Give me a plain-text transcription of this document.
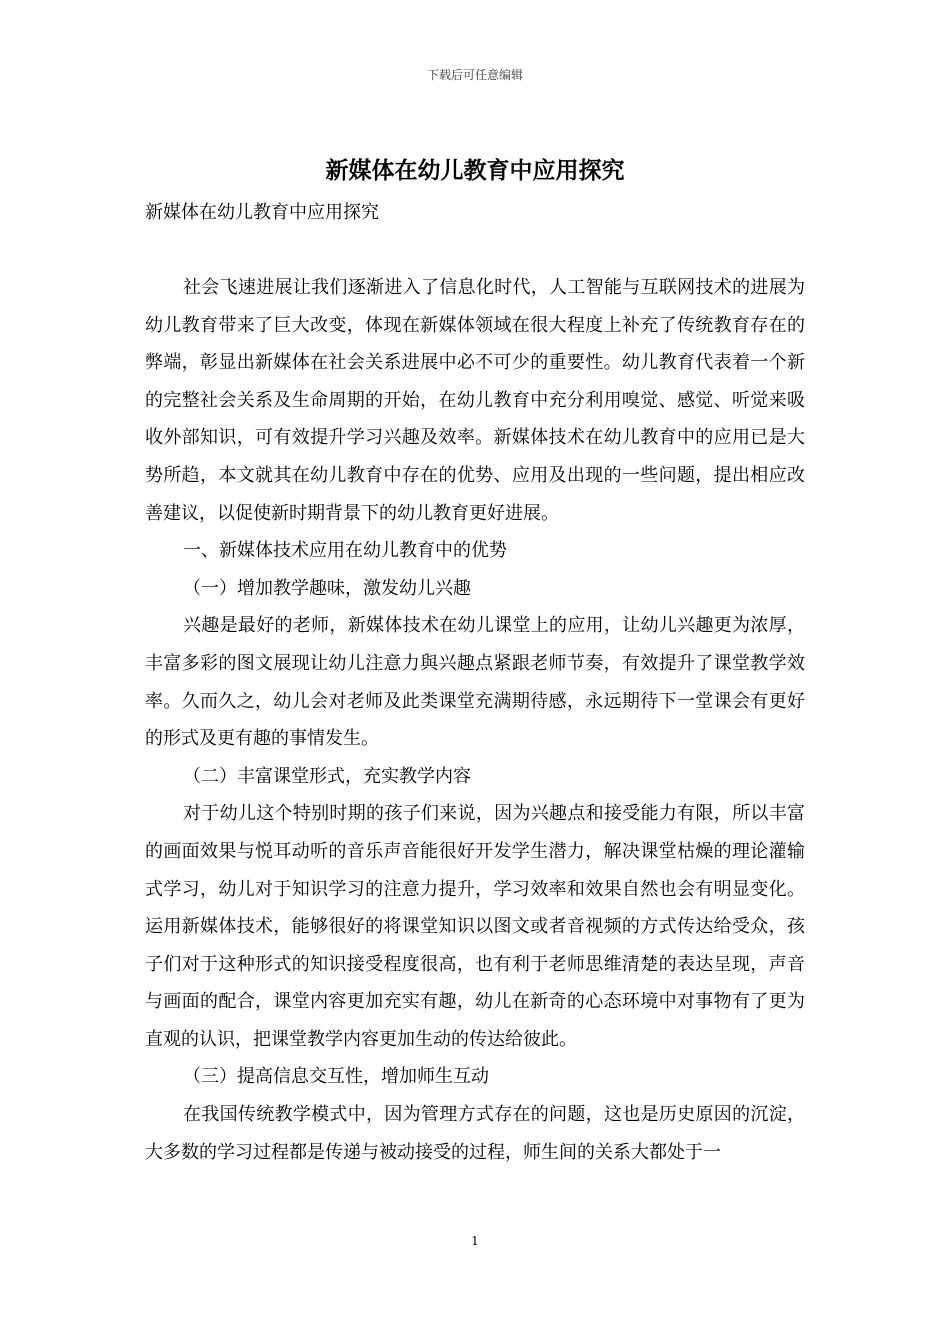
下载后可任意编辑
新媒体在幼儿教育中应用探究
新媒体在幼儿教育中应用探究

社会飞速进展让我们逐渐进入了信息化时代，人工智能与互联网技术的进展为幼儿教育带来了巨大改变，体现在新媒体领域在很大程度上补充了传统教育存在的弊端，彰显出新媒体在社会关系进展中必不可少的重要性。幼儿教育代表着一个新的完整社会关系及生命周期的开始，在幼儿教育中充分利用嗅觉、感觉、听觉来吸收外部知识，可有效提升学习兴趣及效率。新媒体技术在幼儿教育中的应用已是大势所趋，本文就其在幼儿教育中存在的优势、应用及出现的一些问题，提出相应改善建议，以促使新时期背景下的幼儿教育更好进展。

一、新媒体技术应用在幼儿教育中的优势

（一）增加教学趣味，激发幼儿兴趣

兴趣是最好的老师，新媒体技术在幼儿课堂上的应用，让幼儿兴趣更为浓厚，丰富多彩的图文展现让幼儿注意力與兴趣点紧跟老师节奏，有效提升了课堂教学效率。久而久之，幼儿会对老师及此类课堂充满期待感，永远期待下一堂课会有更好的形式及更有趣的事情发生。

（二）丰富课堂形式，充实教学内容

对于幼儿这个特别时期的孩子们来说，因为兴趣点和接受能力有限，所以丰富的画面效果与悦耳动听的音乐声音能很好开发学生潜力，解决课堂枯燥的理论灌输式学习，幼儿对于知识学习的注意力提升，学习效率和效果自然也会有明显变化。运用新媒体技术，能够很好的将课堂知识以图文或者音视频的方式传达给受众，孩子们对于这种形式的知识接受程度很高，也有利于老师思维清楚的表达呈现，声音与画面的配合，课堂内容更加充实有趣，幼儿在新奇的心态环境中对事物有了更为直观的认识，把课堂教学内容更加生动的传达给彼此。

（三）提高信息交互性，增加师生互动

在我国传统教学模式中，因为管理方式存在的问题，这也是历史原因的沉淀，大多数的学习过程都是传递与被动接受的过程，师生间的关系大都处于一

1
